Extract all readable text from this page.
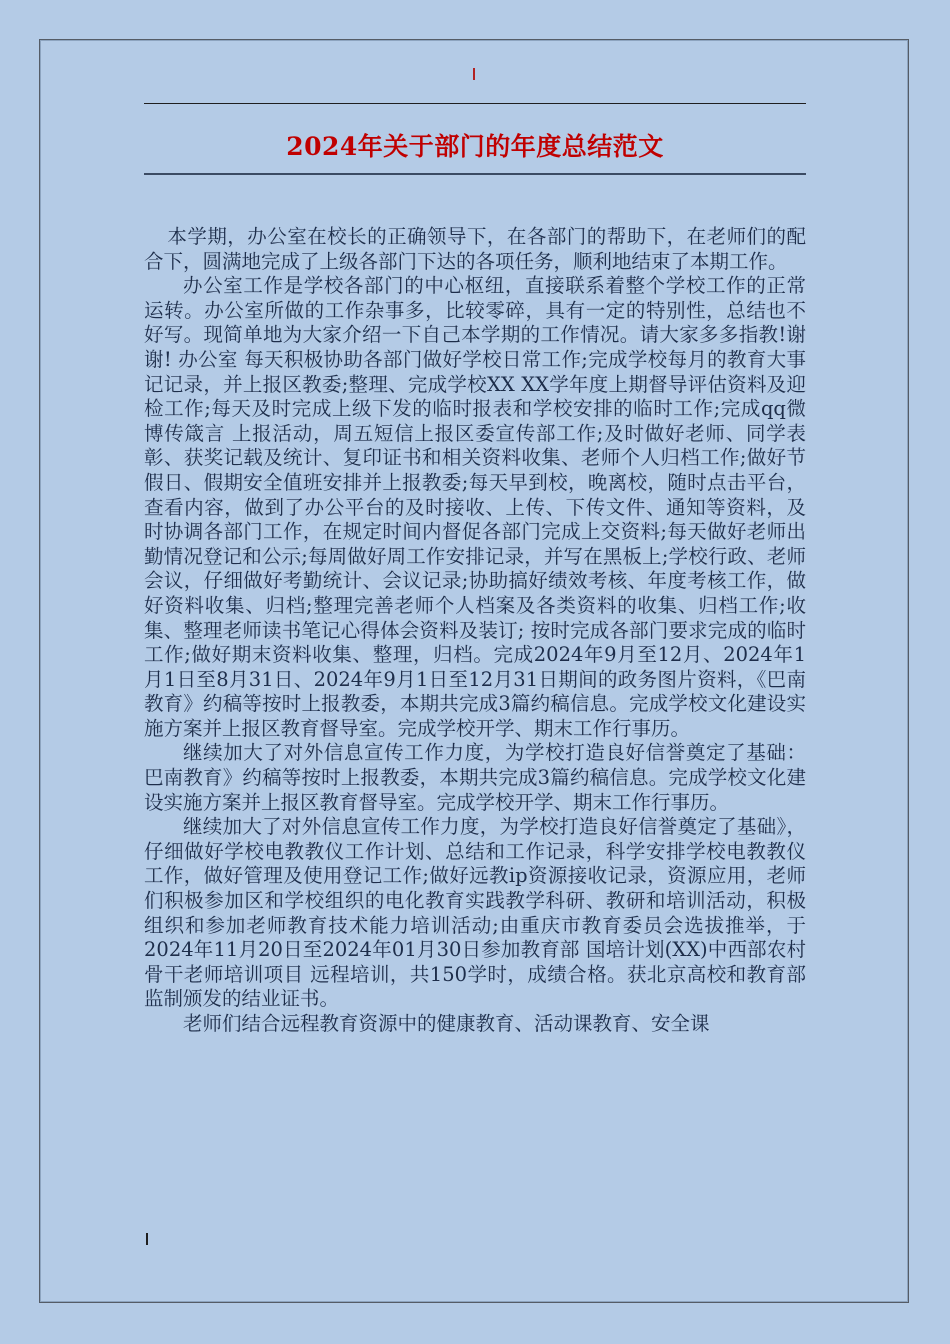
2024年关于部门的年度总结范文

本学期，办公室在校长的正确领导下，在各部门的帮助下，在老师们的配合下，圆满地完成了上级各部门下达的各项任务，顺利地结束了本期工作。

办公室工作是学校各部门的中心枢纽，直接联系着整个学校工作的正常运转。办公室所做的工作杂事多，比较零碎，具有一定的特别性，总结也不好写。现简单地为大家介绍一下自己本学期的工作情况。请大家多多指教!谢谢! 办公室 每天积极协助各部门做好学校日常工作;完成学校每月的教育大事记记录，并上报区教委;整理、完成学校XX XX学年度上期督导评估资料及迎检工作;每天及时完成上级下发的临时报表和学校安排的临时工作;完成qq微博传箴言 上报活动，周五短信上报区委宣传部工作;及时做好老师、同学表彰、获奖记载及统计、复印证书和相关资料收集、老师个人归档工作;做好节假日、假期安全值班安排并上报教委;每天早到校，晚离校，随时点击平台，查看内容，做到了办公平台的及时接收、上传、下传文件、通知等资料，及时协调各部门工作，在规定时间内督促各部门完成上交资料;每天做好老师出勤情况登记和公示;每周做好周工作安排记录，并写在黑板上;学校行政、老师会议，仔细做好考勤统计、会议记录;协助搞好绩效考核、年度考核工作，做好资料收集、归档;整理完善老师个人档案及各类资料的收集、归档工作;收集、整理老师读书笔记心得体会资料及装订; 按时完成各部门要求完成的临时工作;做好期末资料收集、整理，归档。完成2024年9月至12月、2024年1月1日至8月31日、2024年9月1日至12月31日期间的政务图片资料，《巴南教育》约稿等按时上报教委，本期共完成3篇约稿信息。完成学校文化建设实施方案并上报区教育督导室。完成学校开学、期末工作行事历。

继续加大了对外信息宣传工作力度，为学校打造良好信誉奠定了基础：巴南教育》约稿等按时上报教委，本期共完成3篇约稿信息。完成学校文化建设实施方案并上报区教育督导室。完成学校开学、期末工作行事历。

继续加大了对外信息宣传工作力度，为学校打造良好信誉奠定了基础》，仔细做好学校电教教仪工作计划、总结和工作记录，科学安排学校电教教仪工作，做好管理及使用登记工作;做好远教ip资源接收记录，资源应用，老师们积极参加区和学校组织的电化教育实践教学科研、教研和培训活动，积极组织和参加老师教育技术能力培训活动;由重庆市教育委员会选拔推举，于2024年11月20日至2024年01月30日参加教育部 国培计划(XX)中西部农村骨干老师培训项目 远程培训，共150学时，成绩合格。获北京高校和教育部监制颁发的结业证书。

老师们结合远程教育资源中的健康教育、活动课教育、安全课
